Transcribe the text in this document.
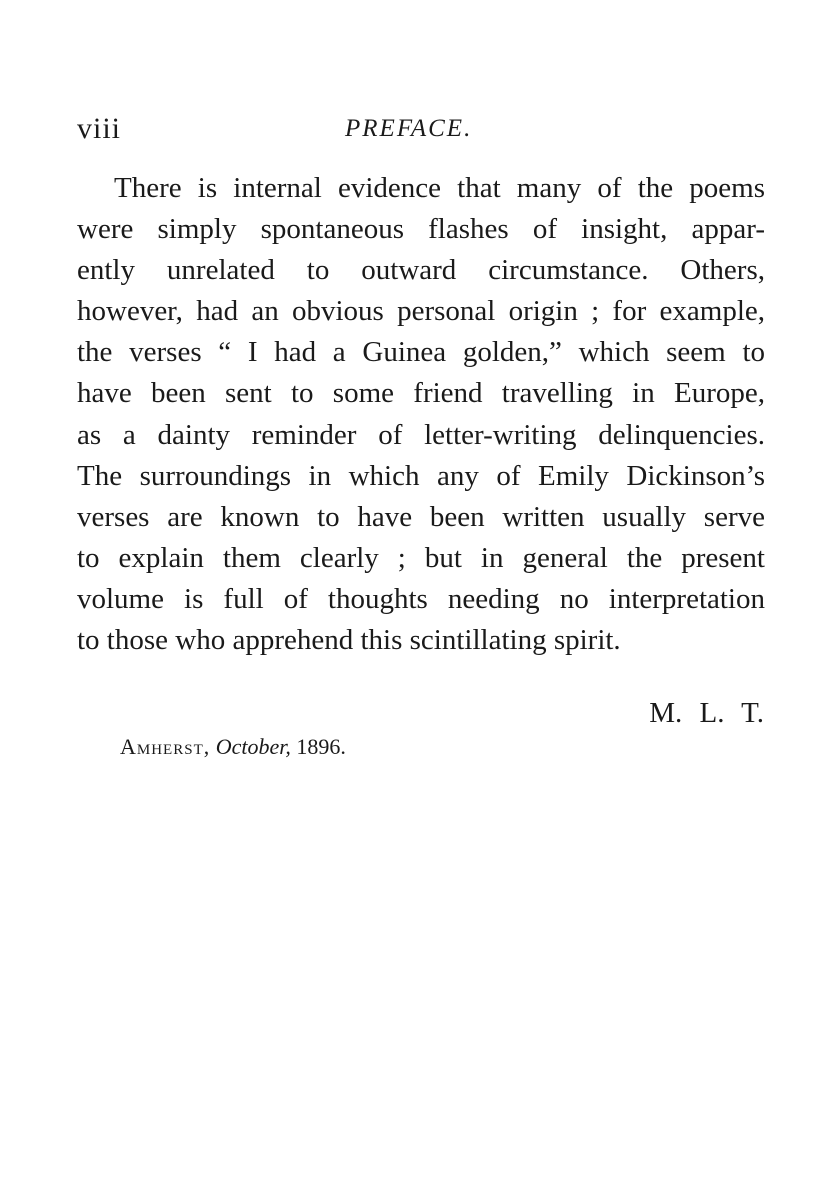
viii	PREFACE.
There is internal evidence that many of the poems
were simply spontaneous flashes of insight, appar-
ently unrelated to outward circumstance. Others,
however, had an obvious personal origin ; for example,
the verses “ I had a Guinea golden,” which seem to
have been sent to some friend travelling in Europe,
as a dainty reminder of letter-writing delinquencies.
The surroundings in which any of Emily Dickinson’s
verses are known to have been written usually serve
to explain them clearly ; but in general the present
volume is full of thoughts needing no interpretation
to those who apprehend this scintillating spirit.
M. L. T.
Amherst, October, 1896.
